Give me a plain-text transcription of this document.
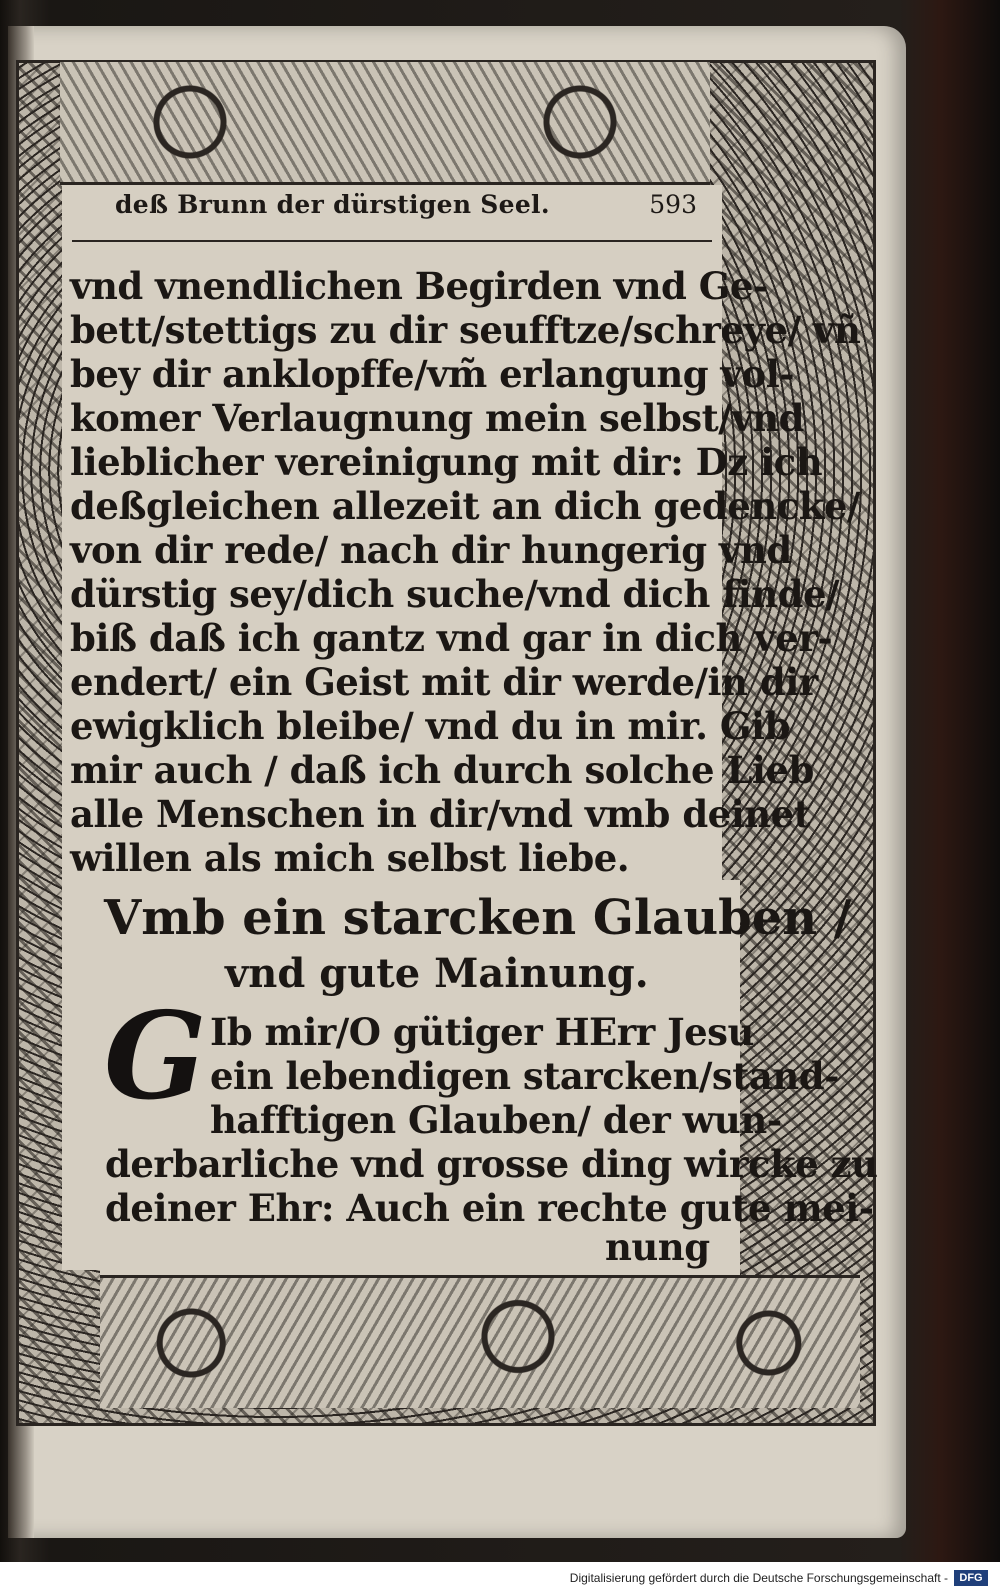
deß Brunn der dürstigen Seel.	593
vnd vnendlichen Begirden vnd Ge-
bett/stettigs zu dir seufftze/schreye/ vñ
bey dir anklopffe/vm̃ erlangung vol-
komer Verlaugnung mein selbst/vnd
lieblicher vereinigung mit dir: Dz ich
deßgleichen allezeit an dich gedencke/
von dir rede/ nach dir hungerig vnd
dürstig sey/dich suche/vnd dich finde/
biß daß ich gantz vnd gar in dich ver-
endert/ ein Geist mit dir werde/in dir
ewigklich bleibe/ vnd du in mir. Gib
mir auch / daß ich durch solche Lieb
alle Menschen in dir/vnd vmb deinet
willen als mich selbst liebe.
Vmb ein starcken Glauben /
vnd gute Mainung.
G Ib mir/O gütiger HErr Jesu
ein lebendigen starcken/stand-
hafftigen Glauben/ der wun-
derbarliche vnd grosse ding wircke zu
deiner Ehr: Auch ein rechte gute mei-
nung
Digitalisierung gefördert durch die Deutsche Forschungsgemeinschaft -	DFG
